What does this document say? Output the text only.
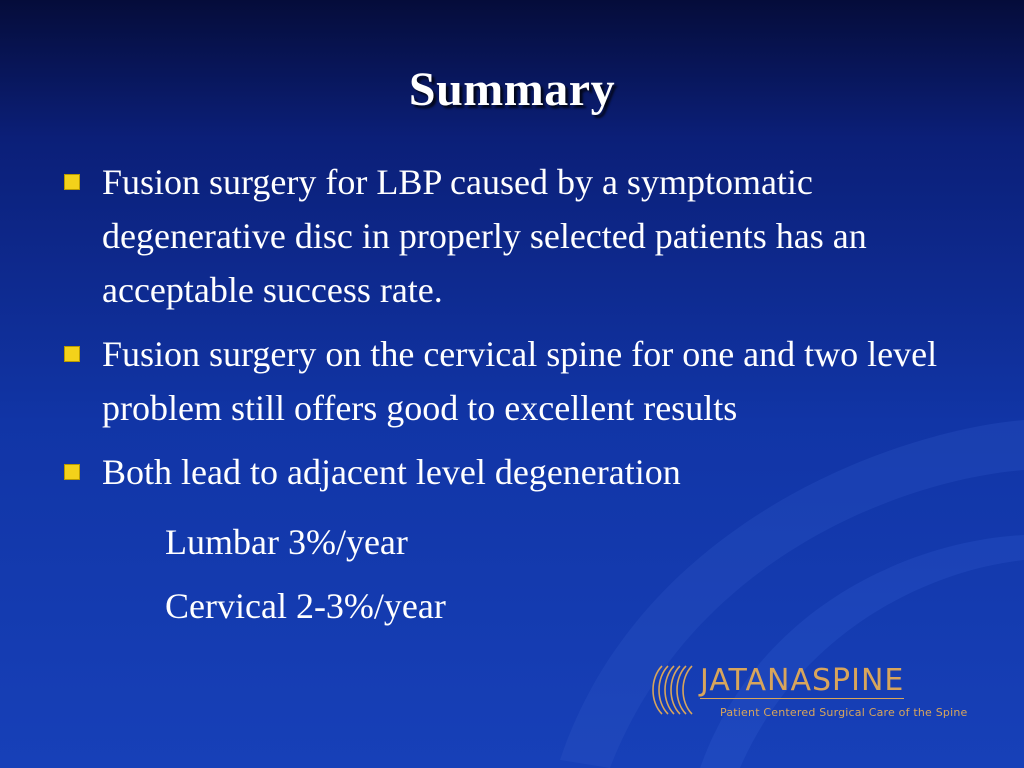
Summary
Fusion surgery for LBP caused by a symptomatic degenerative disc in properly selected patients has an acceptable success rate.
Fusion surgery on the cervical spine for one and two level problem still offers good to excellent results
Both lead to adjacent level degeneration
Lumbar 3%/year
Cervical 2-3%/year
JATANASPINE
Patient Centered Surgical Care of the Spine
